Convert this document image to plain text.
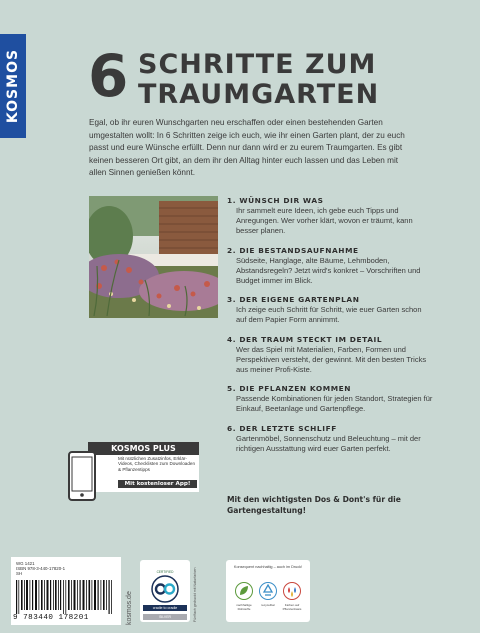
KOSMOS 6 SCHRITTE ZUM
TRAUMGARTEN

Egal, ob ihr euren Wunschgarten neu erschaffen oder einen bestehenden Garten umgestalten wollt: In 6 Schritten zeige ich euch, wie ihr einen Garten plant, der zu euch passt und eure Wünsche erfüllt. Denn nur dann wird er zu eurem Traumgarten. Es gibt keinen besseren Ort gibt, an dem ihr den Alltag hinter euch lassen und das Leben mit allen Sinnen genießen könnt.

1. WÜNSCH DIR WAS
Ihr sammelt eure Ideen, ich gebe euch Tipps und Anregungen. Wer vorher klärt, wovon er träumt, kann besser planen.
2. DIE BESTANDSAUFNAHME
Südseite, Hanglage, alte Bäume, Lehmboden, Abstandsregeln? Jetzt wird's konkret – Vorschriften und Budget immer im Blick.
3. DER EIGENE GARTENPLAN
Ich zeige euch Schritt für Schritt, wie euer Garten schon auf dem Papier Form annimmt.
4. DER TRAUM STECKT IM DETAIL
Wer das Spiel mit Materialien, Farben, Formen und Perspektiven versteht, der gewinnt. Mit den besten Tricks aus meiner Profi-Kiste.
5. DIE PFLANZEN KOMMEN
Passende Kombinationen für jeden Standort, Strategien für Einkauf, Beetanlage und Gartenpflege.
6. DER LETZTE SCHLIFF
Gartenmöbel, Sonnenschutz und Beleuchtung – mit der richtigen Ausstattung wird euer Garten perfekt.
Mit den wichtigsten Dos & Dont's für die Gartengestaltung!
KOSMOS PLUS
Mit nützlichen Zusatzinfos, Erklär-Videos, Checklisten zum Downloaden & Pflanzentipps
Mit kostenloser App!
WG 1421
ISBN 978-3-440-17820-1
SH
9 783440 178201	kosmos.de
CERTIFIED
cradle to cradle
SILVER	Fünffach gedruckt mit Naturfarben
Konsequent nachhaltig – auch im Druck!
nachhaltige Rohstoffe
recycelbar	Farben auf Pflanzenbasis
